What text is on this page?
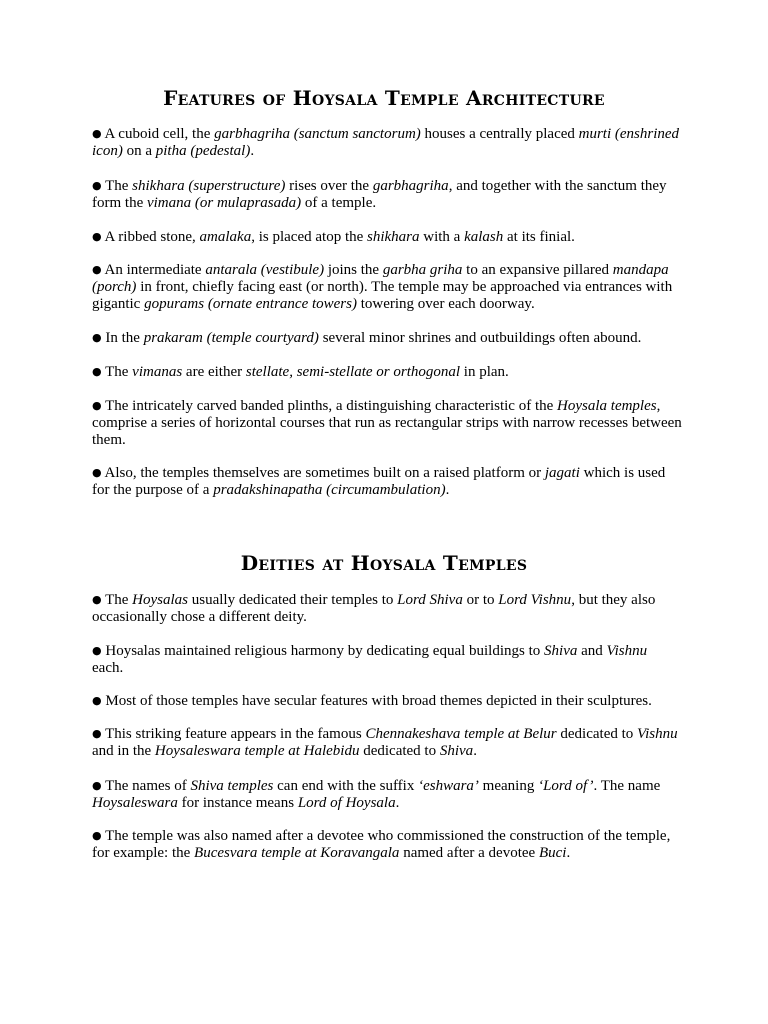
Features of Hoysala Temple Architecture

● A cuboid cell, the garbhagriha (sanctum sanctorum) houses a centrally placed murti (enshrined icon) on a pitha (pedestal).

● The shikhara (superstructure) rises over the garbhagriha, and together with the sanctum they form the vimana (or mulaprasada) of a temple.

● A ribbed stone, amalaka, is placed atop the shikhara with a kalash at its finial.

● An intermediate antarala (vestibule) joins the garbha griha to an expansive pillared mandapa (porch) in front, chiefly facing east (or north). The temple may be approached via entrances with gigantic gopurams (ornate entrance towers) towering over each doorway.

● In the prakaram (temple courtyard) several minor shrines and outbuildings often abound.

● The vimanas are either stellate, semi-stellate or orthogonal in plan.

● The intricately carved banded plinths, a distinguishing characteristic of the Hoysala temples, comprise a series of horizontal courses that run as rectangular strips with narrow recesses between them.

● Also, the temples themselves are sometimes built on a raised platform or jagati which is used for the purpose of a pradakshinapatha (circumambulation).

Deities at Hoysala Temples

● The Hoysalas usually dedicated their temples to Lord Shiva or to Lord Vishnu, but they also occasionally chose a different deity.

● Hoysalas maintained religious harmony by dedicating equal buildings to Shiva and Vishnu each.

● Most of those temples have secular features with broad themes depicted in their sculptures.

● This striking feature appears in the famous Chennakeshava temple at Belur dedicated to Vishnu and in the Hoysaleswara temple at Halebidu dedicated to Shiva.

● The names of Shiva temples can end with the suffix ‘eshwara’ meaning ‘Lord of’. The name Hoysaleswara for instance means Lord of Hoysala.

● The temple was also named after a devotee who commissioned the construction of the temple, for example: the Bucesvara temple at Koravangala named after a devotee Buci.
